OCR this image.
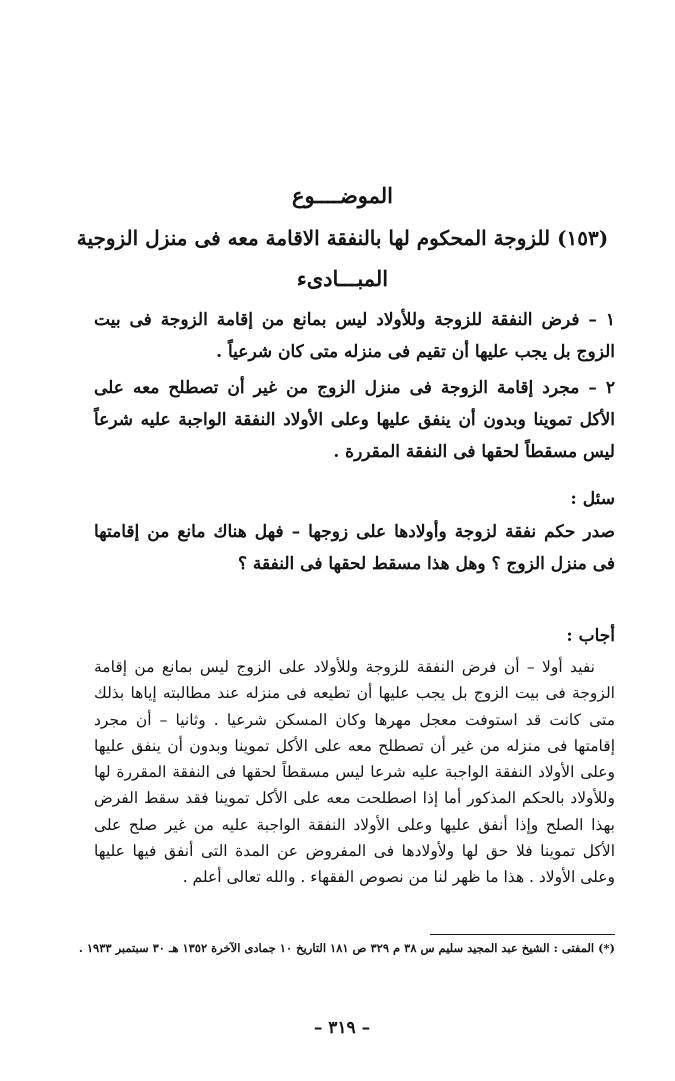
الموضــــوع

(١٥٣) للزوجة المحكوم لها بالنفقة الاقامة معه فى منزل الزوجية

المبـــادىء

١ – فرض النفقة للزوجة وللأولاد ليس بمانع من إقامة الزوجة فى بيت الزوج بل يجب عليها أن تقيم فى منزله متى كان شرعياً .

٢ – مجرد إقامة الزوجة فى منزل الزوج من غير أن تصطلح معه على الأكل تموينا وبدون أن ينفق عليها وعلى الأولاد النفقة الواجبة عليه شرعاً ليس مسقطاً لحقها فى النفقة المقررة .

سئل :

صدر حكم نفقة لزوجة وأولادها على زوجها – فهل هناك مانع من إقامتها فى منزل الزوج ؟ وهل هذا مسقط لحقها فى النفقة ؟

أجاب :

نفيد أولا – أن فرض النفقة للزوجة وللأولاد على الزوج ليس بمانع من إقامة الزوجة فى بيت الزوج بل يجب عليها أن تطيعه فى منزله عند مطالبته إياها بذلك متى كانت قد استوفت معجل مهرها وكان المسكن شرعيا . وثانيا – أن مجرد إقامتها فى منزله من غير أن تصطلح معه على الأكل تموينا وبدون أن ينفق عليها وعلى الأولاد النفقة الواجبة عليه شرعا ليس مسقطاً لحقها فى النفقة المقررة لها وللأولاد بالحكم المذكور أما إذا اصطلحت معه على الأكل تموينا فقد سقط الفرض بهذا الصلح وإذا أنفق عليها وعلى الأولاد النفقة الواجبة عليه من غير صلح على الأكل تموينا فلا حق لها ولأولادها فى المفروض عن المدة التى أنفق فيها عليها وعلى الأولاد . هذا ما ظهر لنا من نصوص الفقهاء . والله تعالى أعلم .

(*) المفتى : الشيخ عبد المجيد سليم س ٣٨ م ٣٢٩ ص ١٨١ التاريخ ١٠ جمادى الآخرة ١٣٥٢ هـ ٣٠ سبتمبر ١٩٣٣ .

– ٣١٩ –
